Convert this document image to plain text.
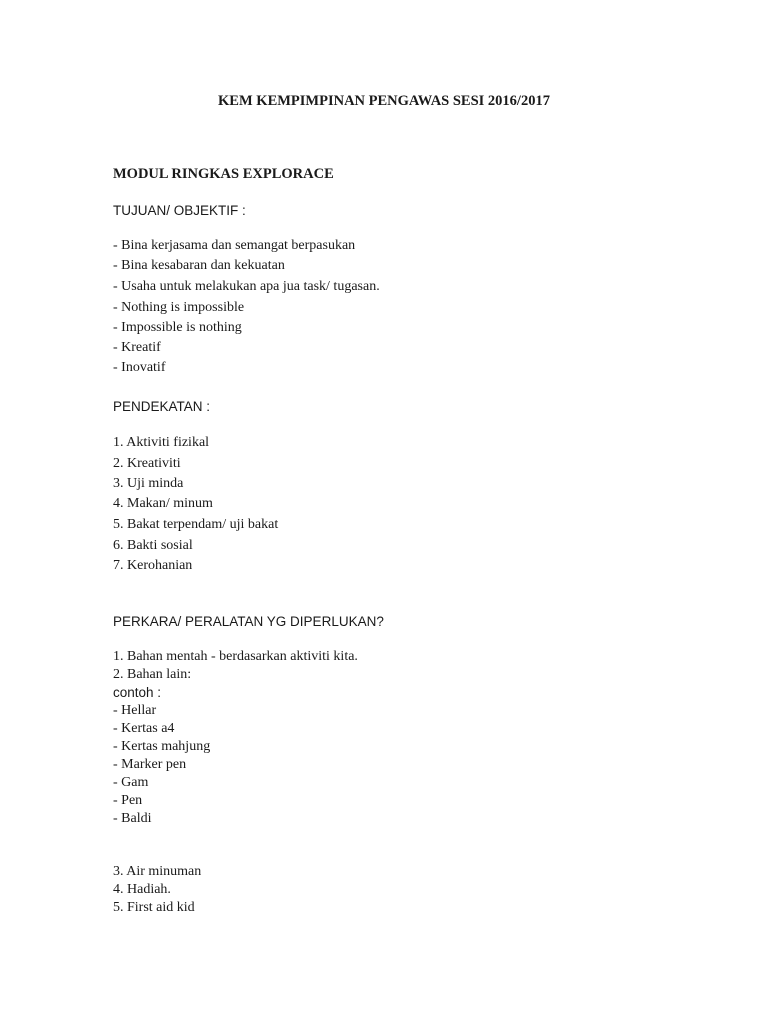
KEM KEMPIMPINAN PENGAWAS SESI 2016/2017
MODUL RINGKAS EXPLORACE
TUJUAN/ OBJEKTIF :
- Bina kerjasama dan semangat berpasukan
- Bina kesabaran dan kekuatan
- Usaha untuk melakukan apa jua task/ tugasan.
- Nothing is impossible
- Impossible is nothing
- Kreatif
- Inovatif
PENDEKATAN :
1. Aktiviti fizikal
2. Kreativiti
3. Uji minda
4. Makan/ minum
5. Bakat terpendam/ uji bakat
6. Bakti sosial
7. Kerohanian
PERKARA/ PERALATAN YG DIPERLUKAN?
1. Bahan mentah - berdasarkan aktiviti kita.
2. Bahan lain:
contoh :
- Hellar
- Kertas a4
- Kertas mahjung
- Marker pen
- Gam
- Pen
- Baldi
3. Air minuman
4. Hadiah.
5. First aid kid
